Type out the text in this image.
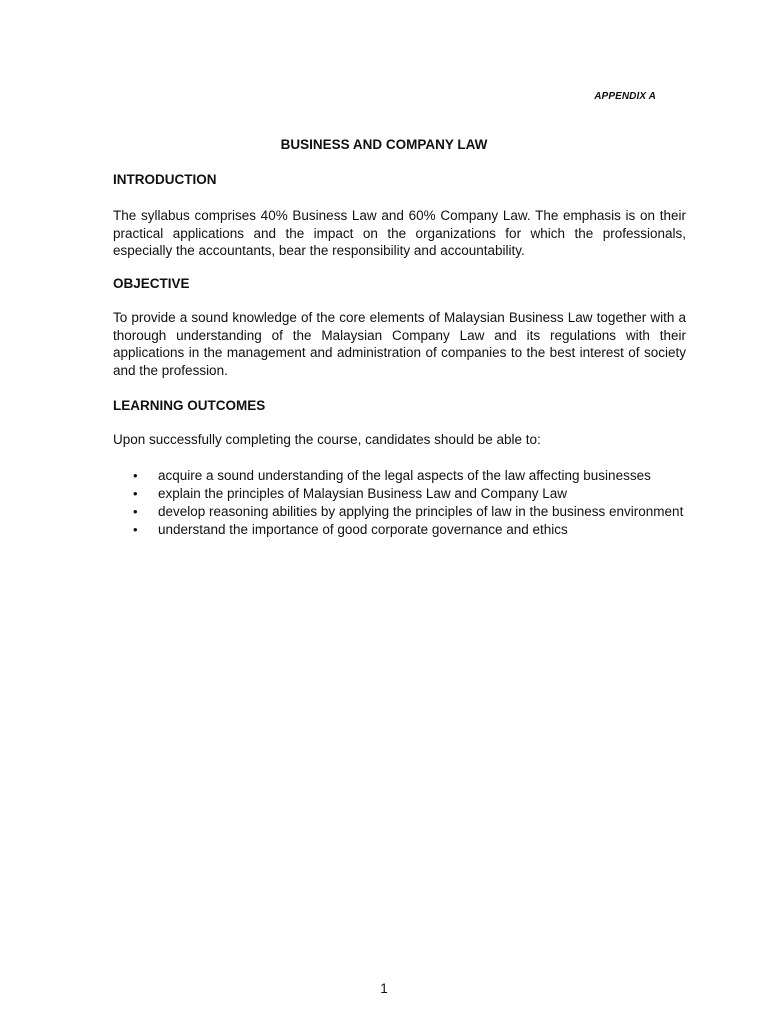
APPENDIX A
BUSINESS AND COMPANY LAW
INTRODUCTION
The syllabus comprises 40% Business Law and 60% Company Law. The emphasis is on their practical applications and the impact on the organizations for which the professionals, especially the accountants, bear the responsibility and accountability.
OBJECTIVE
To provide a sound knowledge of the core elements of Malaysian Business Law together with a thorough understanding of the Malaysian Company Law and its regulations with their applications in the management and administration of companies to the best interest of society and the profession.
LEARNING OUTCOMES
Upon successfully completing the course, candidates should be able to:
• acquire a sound understanding of the legal aspects of the law affecting businesses
• explain the principles of Malaysian Business Law and Company Law
• develop reasoning abilities by applying the principles of law in the business environment
• understand the importance of good corporate governance and ethics
1
